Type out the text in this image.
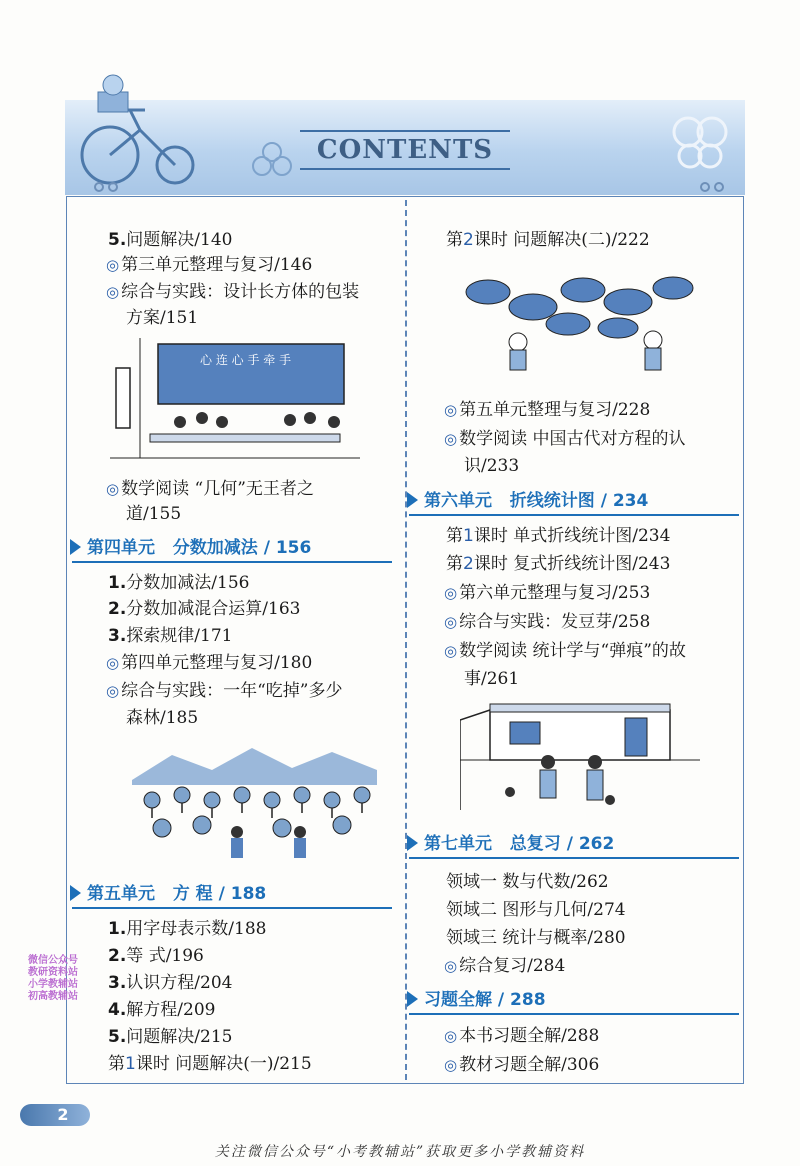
CONTENTS
5.问题解决/140
◎ 第三单元整理与复习/146
◎ 综合与实践：设计长方体的包装
方案/151
心 连 心 手 牵 手
◎ 数学阅读 “几何”无王者之
道/155
第四单元 分数加减法 / 156
1.分数加减法/156
2.分数加减混合运算/163
3.探索规律/171
◎ 第四单元整理与复习/180
◎ 综合与实践：一年“吃掉”多少
森林/185
第五单元 方 程 / 188
1.用字母表示数/188
2.等 式/196
3.认识方程/204
4.解方程/209
5.问题解决/215
第1课时 问题解决(一)/215
微信公众号
教研资料站
小学教辅站
初高教辅站
第2课时 问题解决(二)/222
◎ 第五单元整理与复习/228
◎ 数学阅读 中国古代对方程的认
识/233
第六单元 折线统计图 / 234
第1课时 单式折线统计图/234
第2课时 复式折线统计图/243
◎ 第六单元整理与复习/253
◎ 综合与实践：发豆芽/258
◎ 数学阅读 统计学与“弹痕”的故
事/261
第七单元 总复习 / 262
领域一 数与代数/262
领域二 图形与几何/274
领域三 统计与概率/280
◎ 综合复习/284
习题全解 / 288
◎ 本书习题全解/288
◎ 教材习题全解/306
2
关注微信公众号“小考教辅站”获取更多小学教辅资料
